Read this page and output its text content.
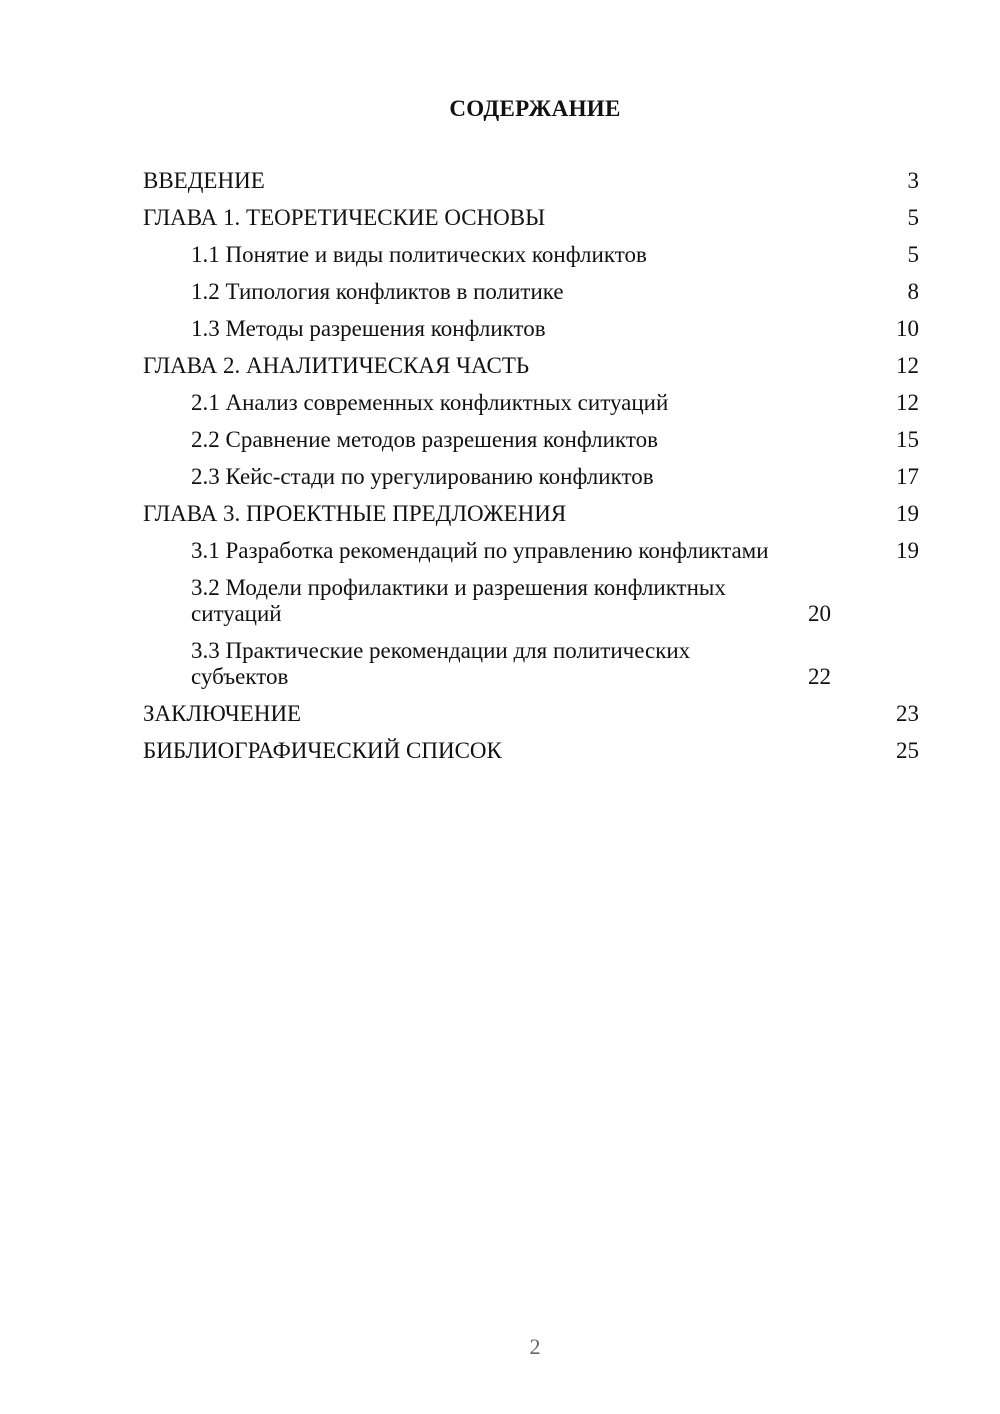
СОДЕРЖАНИЕ
ВВЕДЕНИЕ	3
ГЛАВА 1. ТЕОРЕТИЧЕСКИЕ ОСНОВЫ	5
1.1 Понятие и виды политических конфликтов	5
1.2 Типология конфликтов в политике	8
1.3 Методы разрешения конфликтов	10
ГЛАВА 2. АНАЛИТИЧЕСКАЯ ЧАСТЬ	12
2.1 Анализ современных конфликтных ситуаций	12
2.2 Сравнение методов разрешения конфликтов	15
2.3 Кейс-стади по урегулированию конфликтов	17
ГЛАВА 3. ПРОЕКТНЫЕ ПРЕДЛОЖЕНИЯ	19
3.1 Разработка рекомендаций по управлению конфликтами	19
3.2 Модели профилактики и разрешения конфликтных ситуаций	20
3.3 Практические рекомендации для политических субъектов	22
ЗАКЛЮЧЕНИЕ	23
БИБЛИОГРАФИЧЕСКИЙ СПИСОК	25
2
